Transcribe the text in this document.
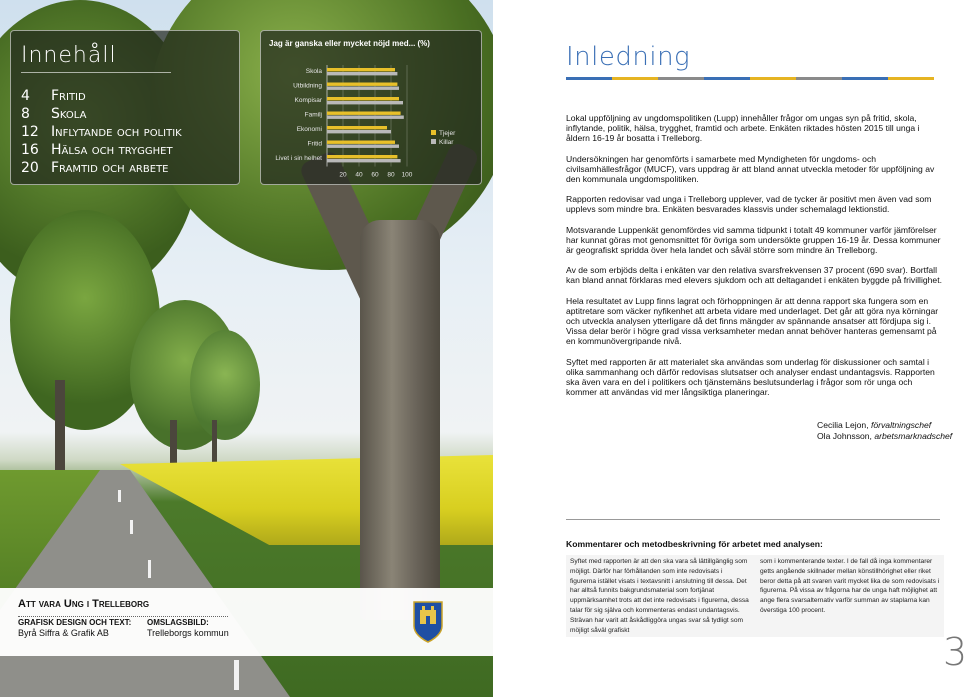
Innehåll
4	Fritid
8	Skola
12 Inflytande och politik
16 Hälsa och trygghet
20 Framtid och arbete
Jag är ganska eller mycket nöjd med... (%)
20 40 60 80 100
Skola
Utbildning
Kompisar
Familj
Ekonomi
Fritid
Livet i sin helhet
Tjejer
Killar
Att vara Ung i Trelleborg
GRAFISK DESIGN OCH TEXT:
Byrå Siffra & Grafik AB
OMSLAGSBILD:
Trelleborgs kommun
Inledning

Lokal uppföljning av ungdomspolitiken (Lupp) innehåller frågor om ungas syn på fritid, skola, inflytande, politik, hälsa, trygghet, framtid och arbete. Enkäten riktades hösten 2015 till unga i åldern 16-19 år bosatta i Trelleborg.

Undersökningen har genomförts i samarbete med Myndigheten för ungdoms- och civilsamhällesfrågor (MUCF), vars uppdrag är att bland annat utveckla metoder för uppföljning av den kommunala ungdomspolitiken.

Rapporten redovisar vad unga i Trelleborg upplever, vad de tycker är positivt men även vad som upplevs som mindre bra. Enkäten besvarades klassvis under schemalagd lektionstid.

Motsvarande Luppenkät genomfördes vid samma tidpunkt i totalt 49 kommuner varför jämförelser har kunnat göras mot genomsnittet för övriga som undersökte gruppen 16-19 år. Dessa kommuner är geografiskt spridda över hela landet och såväl större som mindre än Trelleborg.

Av de som erbjöds delta i enkäten var den relativa svarsfrekvensen 37 procent (690 svar). Bortfall kan bland annat förklaras med elevers sjukdom och att deltagandet i enkäten byggde på frivillighet.

Hela resultatet av Lupp finns lagrat och förhoppningen är att denna rapport ska fungera som en aptitretare som väcker nyfikenhet att arbeta vidare med underlaget. Det går att göra nya körningar och utveckla analysen ytterligare då det finns mängder av spännande ansatser att fördjupa sig i. Vissa delar berör i högre grad vissa verksamheter medan annat behöver hanteras gemensamt på en kommunövergripande nivå.

Syftet med rapporten är att materialet ska användas som underlag för diskussioner och samtal i olika sammanhang och därför redovisas slutsatser och analyser endast undantagsvis. Rapporten ska även vara en del i politikers och tjänstemäns beslutsunderlag i frågor som rör unga och kommer att användas vid mer långsiktiga planeringar.

Cecilia Lejon, förvaltningschef
Ola Johnsson, arbetsmarknadschef
Kommentarer och metodbeskrivning för arbetet med analysen:
Syftet med rapporten är att den ska vara så lättillgänglig som möjligt. Därför har förhållanden som inte redovisats i figurerna istället visats i textavsnitt i anslutning till dessa. Det har alltså funnits bakgrundsmaterial som fortjänat uppmärksamhet trots att det inte redovisats i figurerna, dessa talar för sig själva och kommenteras endast undantagsvis. Strävan har varit att åskådliggöra ungas svar så tydligt som möjligt såväl grafiskt
som i kommenterande texter. I de fall då inga kommentarer getts angående skillnader mellan könstillhörighet eller riket beror detta på att svaren varit mycket lika de som redovisats i figurerna. På vissa av frågorna har de unga haft möjlighet att ange flera svarsalternativ varför summan av staplarna kan överstiga 100 procent.
3
